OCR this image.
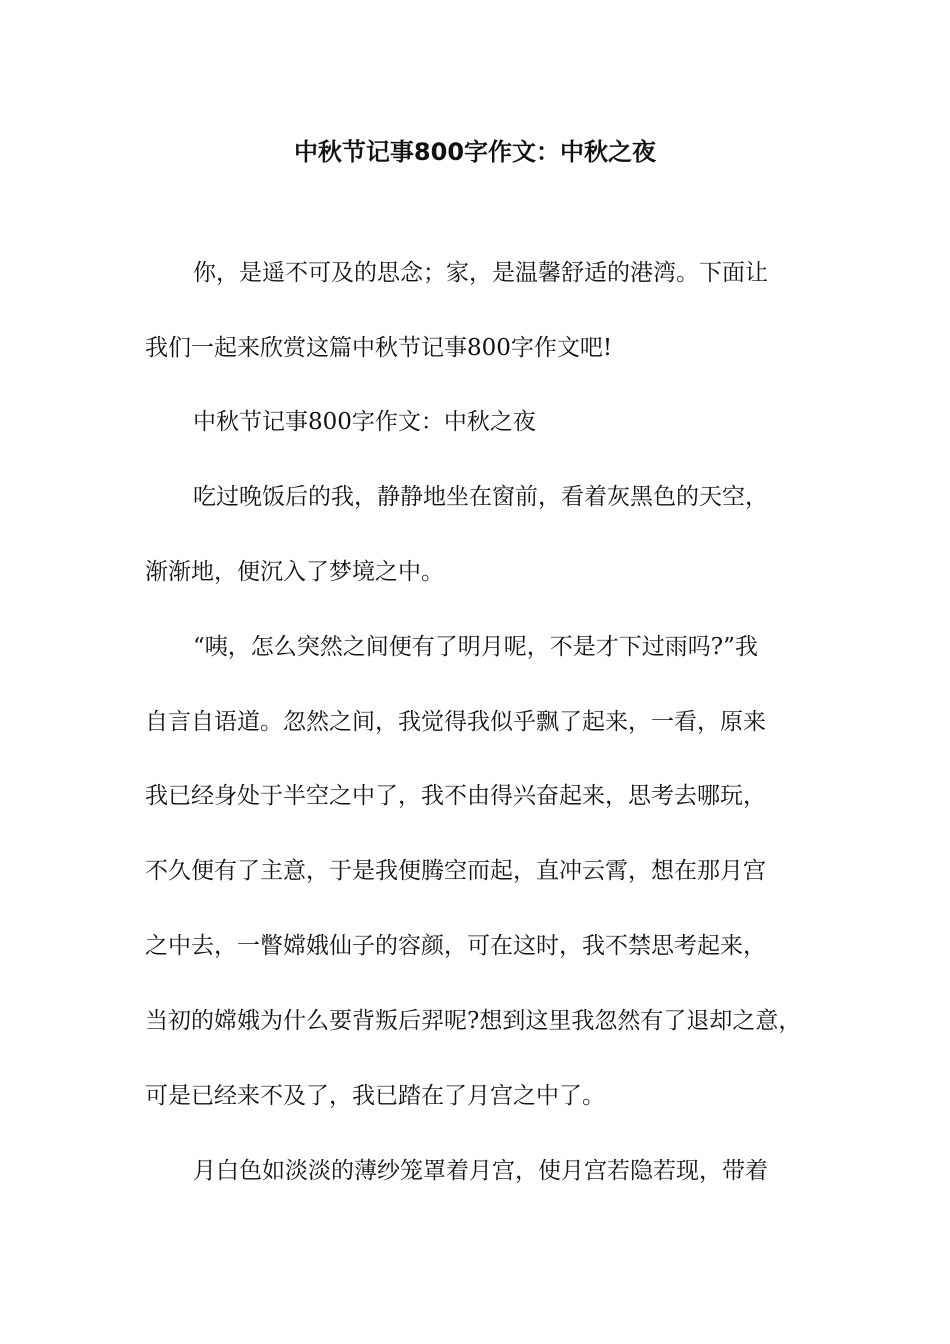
中秋节记事800字作文：中秋之夜

你，是遥不可及的思念；家，是温馨舒适的港湾。下面让

我们一起来欣赏这篇中秋节记事800字作文吧!

中秋节记事800字作文：中秋之夜

吃过晚饭后的我，静静地坐在窗前，看着灰黑色的天空，

渐渐地，便沉入了梦境之中。

“咦，怎么突然之间便有了明月呢，不是才下过雨吗?”我

自言自语道。忽然之间，我觉得我似乎飘了起来，一看，原来

我已经身处于半空之中了，我不由得兴奋起来，思考去哪玩，

不久便有了主意，于是我便腾空而起，直冲云霄，想在那月宫

之中去，一瞥嫦娥仙子的容颜，可在这时，我不禁思考起来，

当初的嫦娥为什么要背叛后羿呢?想到这里我忽然有了退却之意，

可是已经来不及了，我已踏在了月宫之中了。

月白色如淡淡的薄纱笼罩着月宫，使月宫若隐若现，带着
